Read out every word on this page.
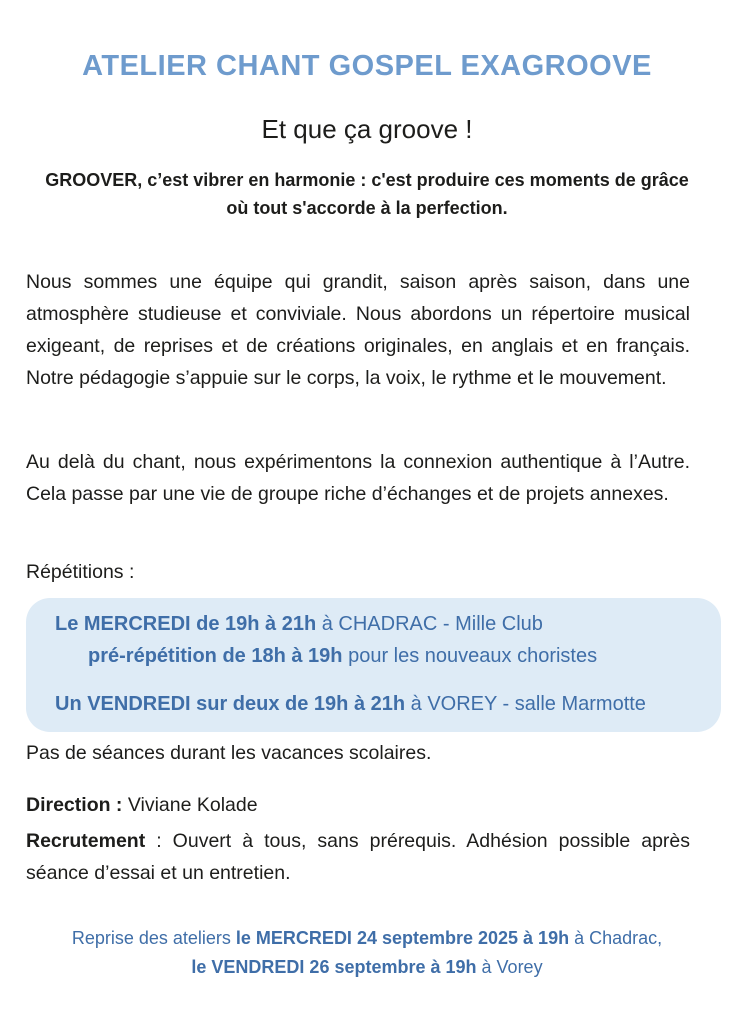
ATELIER CHANT GOSPEL EXAGROOVE
Et que ça groove !
GROOVER, c’est vibrer en harmonie : c'est produire ces moments de grâce où tout s'accorde à la perfection.
Nous sommes une équipe qui grandit, saison après saison, dans une atmosphère studieuse et conviviale. Nous abordons un répertoire musical exigeant, de reprises et de créations originales, en anglais et en français. Notre pédagogie s’appuie sur le corps, la voix, le rythme et le mouvement.
Au delà du chant, nous expérimentons la connexion authentique à l’Autre. Cela passe par une vie de groupe riche d’échanges et de projets annexes.
Répétitions :
Le MERCREDI de 19h à 21h à CHADRAC - Mille Club
pré-répétition de 18h à 19h pour les nouveaux choristes
Un VENDREDI sur deux de 19h à 21h à VOREY - salle Marmotte
Pas de séances durant les vacances scolaires.
Direction : Viviane Kolade
Recrutement : Ouvert à tous, sans prérequis. Adhésion possible après séance d’essai et un entretien.
Reprise des ateliers le MERCREDI 24 septembre 2025 à 19h à Chadrac,
le VENDREDI 26 septembre à 19h à Vorey
